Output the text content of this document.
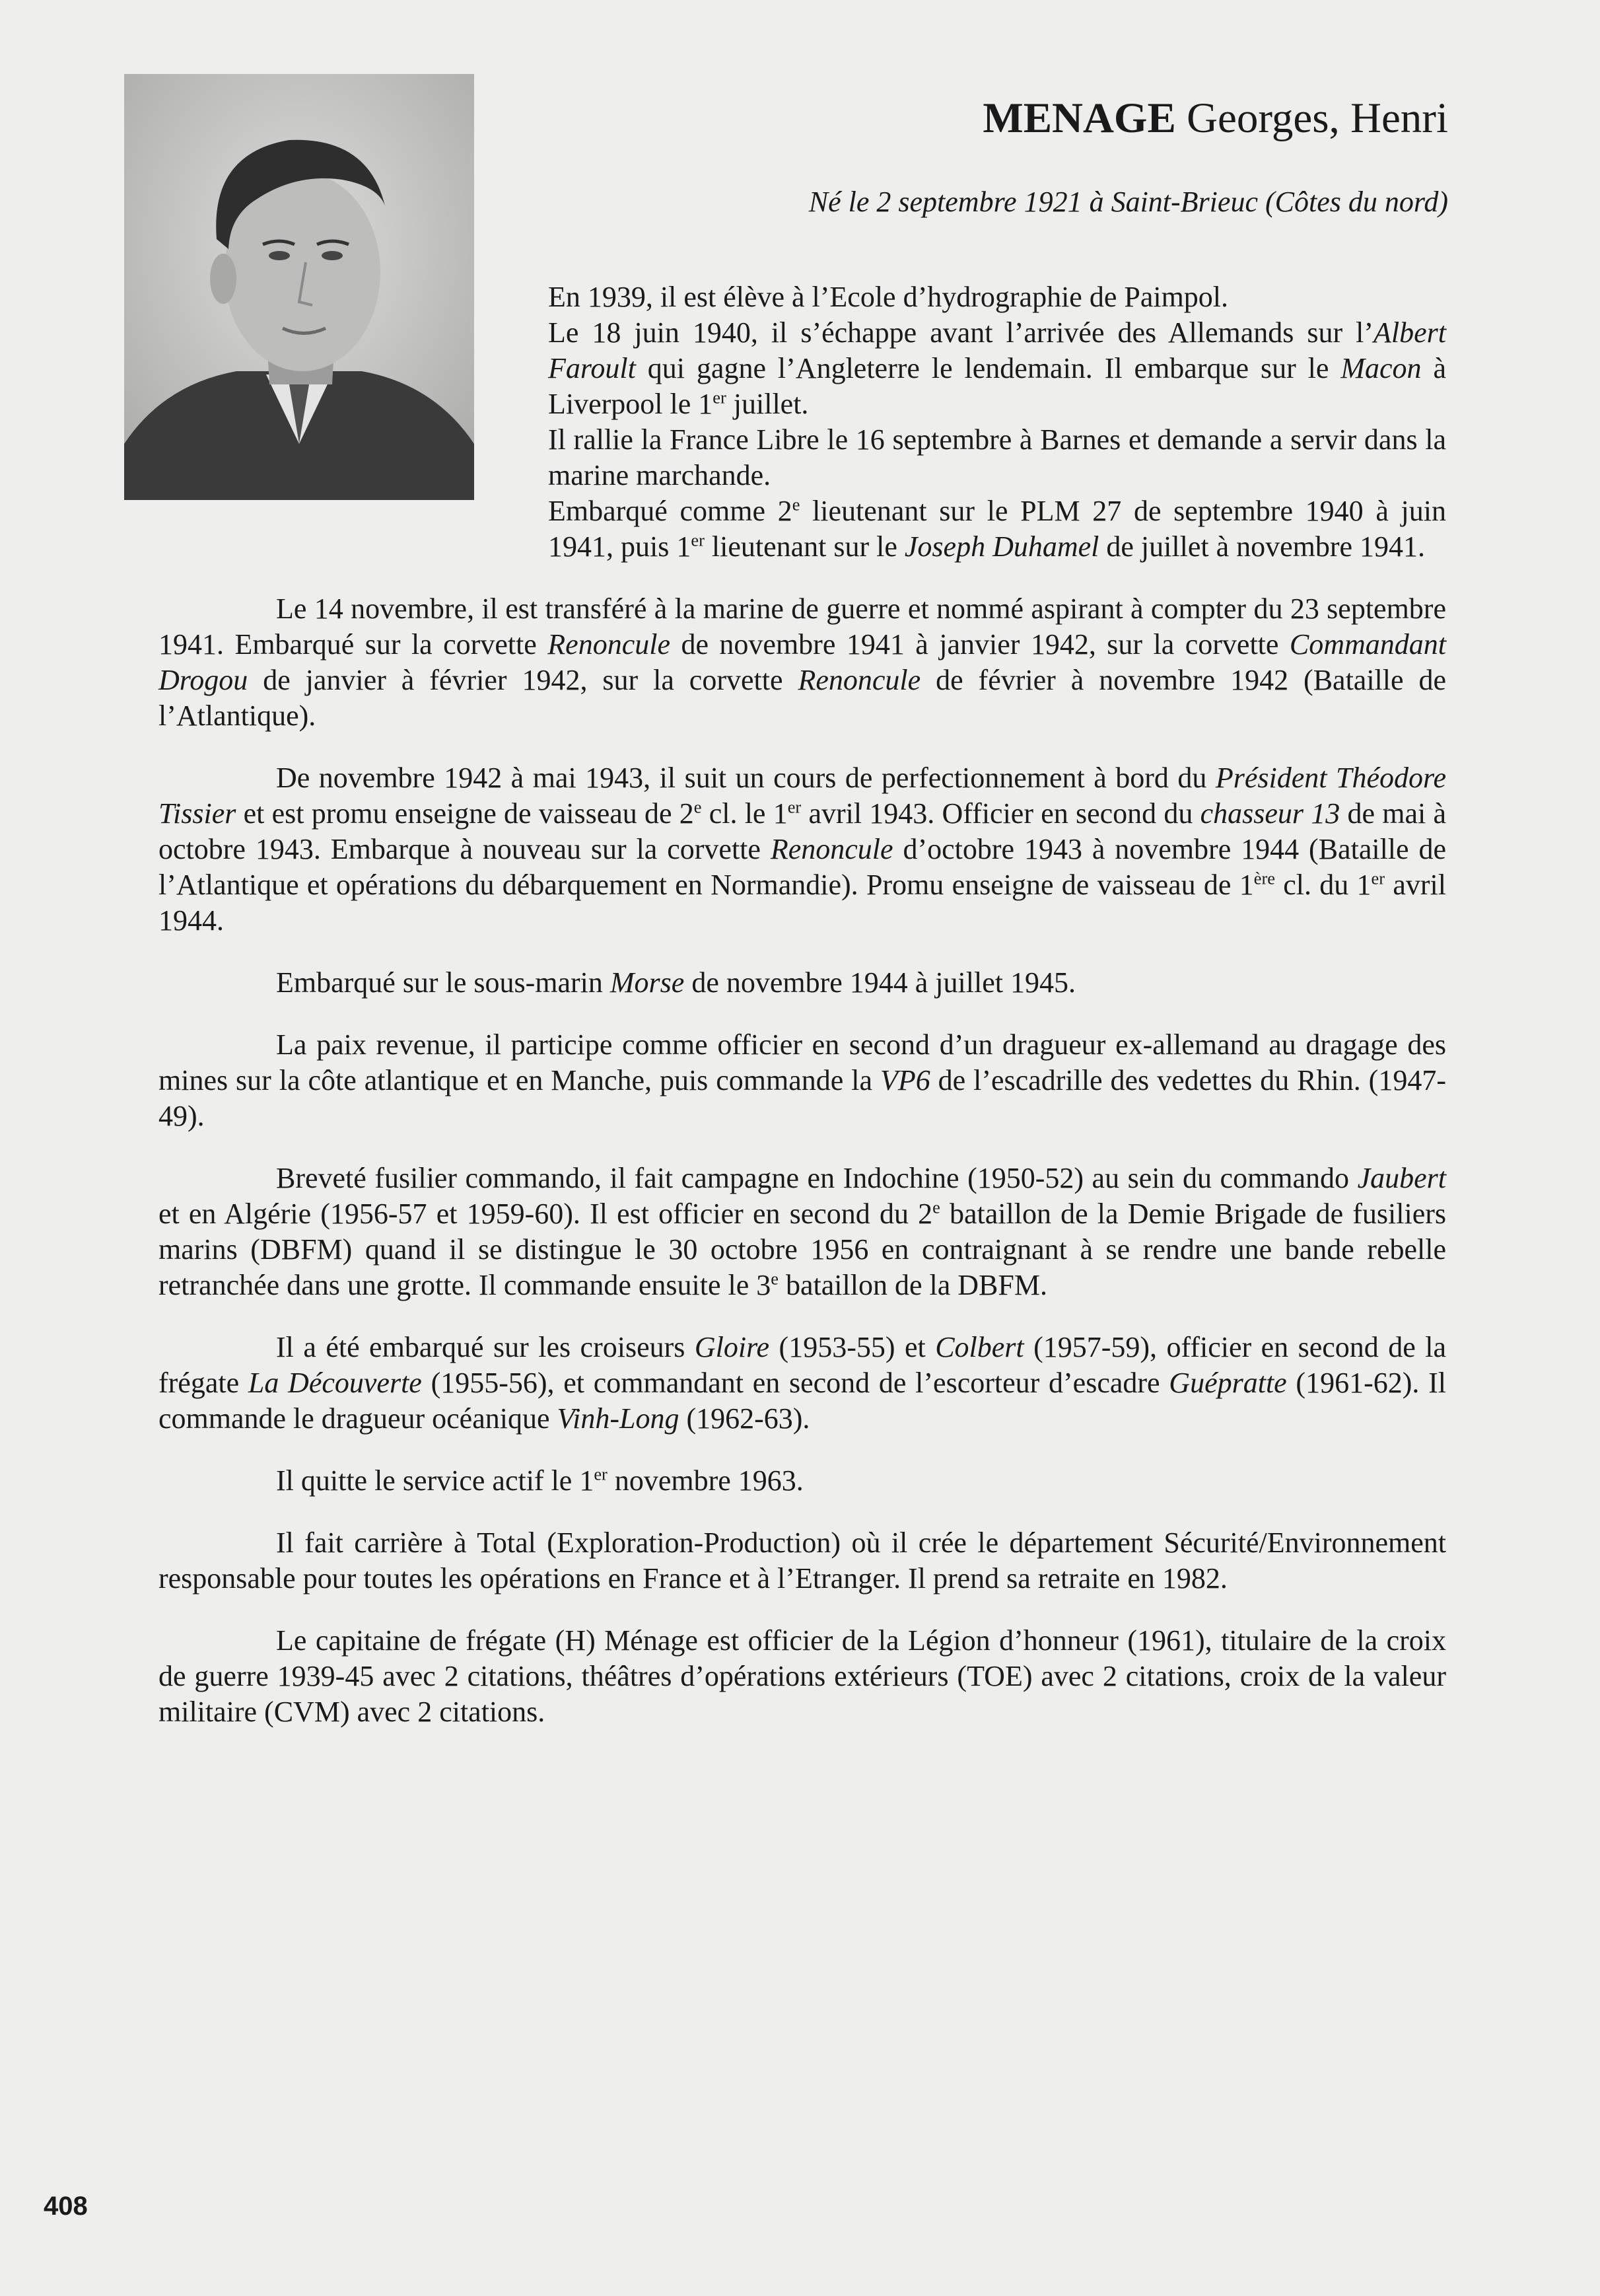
MENAGE Georges, Henri
Né le 2 septembre 1921 à Saint-Brieuc (Côtes du nord)

En 1939, il est élève à l’Ecole d’hydrographie de Paimpol.

Le 18 juin 1940, il s’échappe avant l’arrivée des Allemands sur l’Albert Faroult qui gagne l’Angleterre le lendemain. Il embarque sur le Macon à Liverpool le 1er juillet.

Il rallie la France Libre le 16 septembre à Barnes et demande a servir dans la marine marchande.

Embarqué comme 2e lieutenant sur le PLM 27 de septembre 1940 à juin 1941, puis 1er lieutenant sur le Joseph Duhamel de juillet à novembre 1941.

Le 14 novembre, il est transféré à la marine de guerre et nommé aspirant à compter du 23 septembre 1941. Embarqué sur la corvette Renoncule de novembre 1941 à janvier 1942, sur la corvette Commandant Drogou de janvier à février 1942, sur la corvette Renoncule de février à novembre 1942 (Bataille de l’Atlantique).

De novembre 1942 à mai 1943, il suit un cours de perfectionnement à bord du Président Théodore Tissier et est promu enseigne de vaisseau de 2e cl. le 1er avril 1943. Officier en second du chasseur 13 de mai à octobre 1943. Embarque à nouveau sur la corvette Renoncule d’octobre 1943 à novembre 1944 (Bataille de l’Atlantique et opérations du débarquement en Normandie). Promu enseigne de vaisseau de 1ère cl. du 1er avril 1944.

Embarqué sur le sous-marin Morse de novembre 1944 à juillet 1945.

La paix revenue, il participe comme officier en second d’un dragueur ex-allemand au dragage des mines sur la côte atlantique et en Manche, puis commande la VP6 de l’escadrille des vedettes du Rhin. (1947-49).

Breveté fusilier commando, il fait campagne en Indochine (1950-52) au sein du commando Jaubert et en Algérie (1956-57 et 1959-60). Il est officier en second du 2e bataillon de la Demie Brigade de fusiliers marins (DBFM) quand il se distingue le 30 octobre 1956 en contraignant à se rendre une bande rebelle retranchée dans une grotte. Il commande ensuite le 3e bataillon de la DBFM.

Il a été embarqué sur les croiseurs Gloire (1953-55) et Colbert (1957-59), officier en second de la frégate La Découverte (1955-56), et commandant en second de l’escorteur d’escadre Guépratte (1961-62). Il commande le dragueur océanique Vinh-Long (1962-63).

Il quitte le service actif le 1er novembre 1963.

Il fait carrière à Total (Exploration-Production) où il crée le département Sécurité/Environnement responsable pour toutes les opérations en France et à l’Etranger. Il prend sa retraite en 1982.

Le capitaine de frégate (H) Ménage est officier de la Légion d’honneur (1961), titulaire de la croix de guerre 1939-45 avec 2 citations, théâtres d’opérations extérieurs (TOE) avec 2 citations, croix de la valeur militaire (CVM) avec 2 citations.

408
